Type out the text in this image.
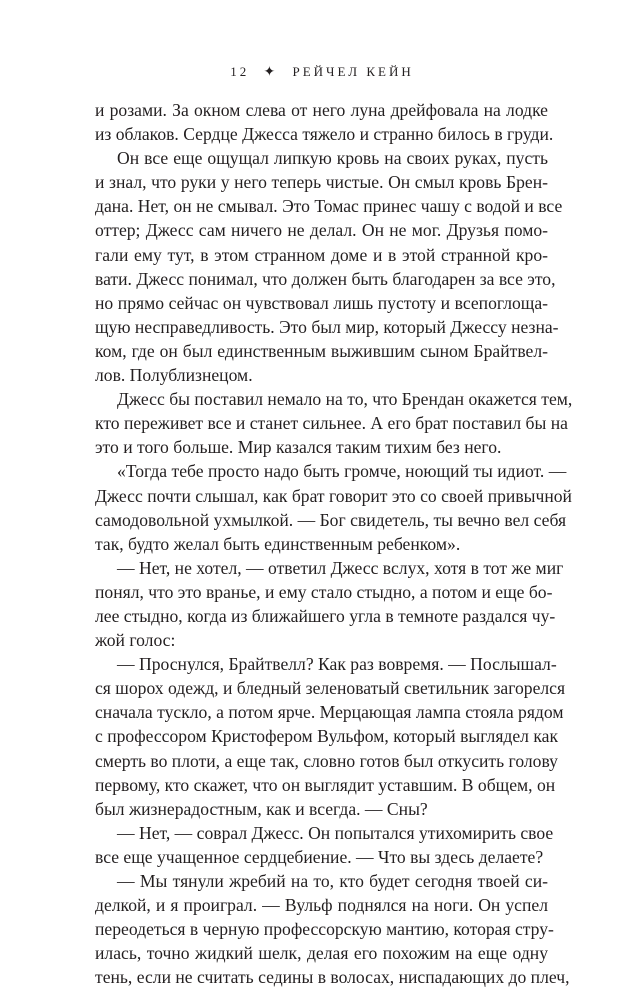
12 ✦ РЕЙЧЕЛ КЕЙН

и розами. За окном слева от него луна дрейфовала на лодке
из облаков. Сердце Джесса тяжело и странно билось в груди.

Он все еще ощущал липкую кровь на своих руках, пусть
и знал, что руки у него теперь чистые. Он смыл кровь Брен-
дана. Нет, он не смывал. Это Томас принес чашу с водой и все
оттер; Джесс сам ничего не делал. Он не мог. Друзья помо-
гали ему тут, в этом странном доме и в этой странной кро-
вати. Джесс понимал, что должен быть благодарен за все это,
но прямо сейчас он чувствовал лишь пустоту и всепоглоща-
щую несправедливость. Это был мир, который Джессу незна-
ком, где он был единственным выжившим сыном Брайтвел-
лов. Полублизнецом.

Джесс бы поставил немало на то, что Брендан окажется тем,
кто переживет все и станет сильнее. А его брат поставил бы на
это и того больше. Мир казался таким тихим без него.

«Тогда тебе просто надо быть громче, ноющий ты идиот. —
Джесс почти слышал, как брат говорит это со своей привычной
самодовольной ухмылкой. — Бог свидетель, ты вечно вел себя
так, будто желал быть единственным ребенком».

— Нет, не хотел, — ответил Джесс вслух, хотя в тот же миг
понял, что это вранье, и ему стало стыдно, а потом и еще бо-
лее стыдно, когда из ближайшего угла в темноте раздался чу-
жой голос:

— Проснулся, Брайтвелл? Как раз вовремя. — Послышал-
ся шорох одежд, и бледный зеленоватый светильник загорелся
сначала тускло, а потом ярче. Мерцающая лампа стояла рядом
с профессором Кристофером Вульфом, который выглядел как
смерть во плоти, а еще так, словно готов был откусить голову
первому, кто скажет, что он выглядит уставшим. В общем, он
был жизнерадостным, как и всегда. — Сны?

— Нет, — соврал Джесс. Он попытался утихомирить свое
все еще учащенное сердцебиение. — Что вы здесь делаете?

— Мы тянули жребий на то, кто будет сегодня твоей си-
делкой, и я проиграл. — Вульф поднялся на ноги. Он успел
переодеться в черную профессорскую мантию, которая стру-
илась, точно жидкий шелк, делая его похожим на еще одну
тень, если не считать седины в волосах, ниспадающих до плеч,
